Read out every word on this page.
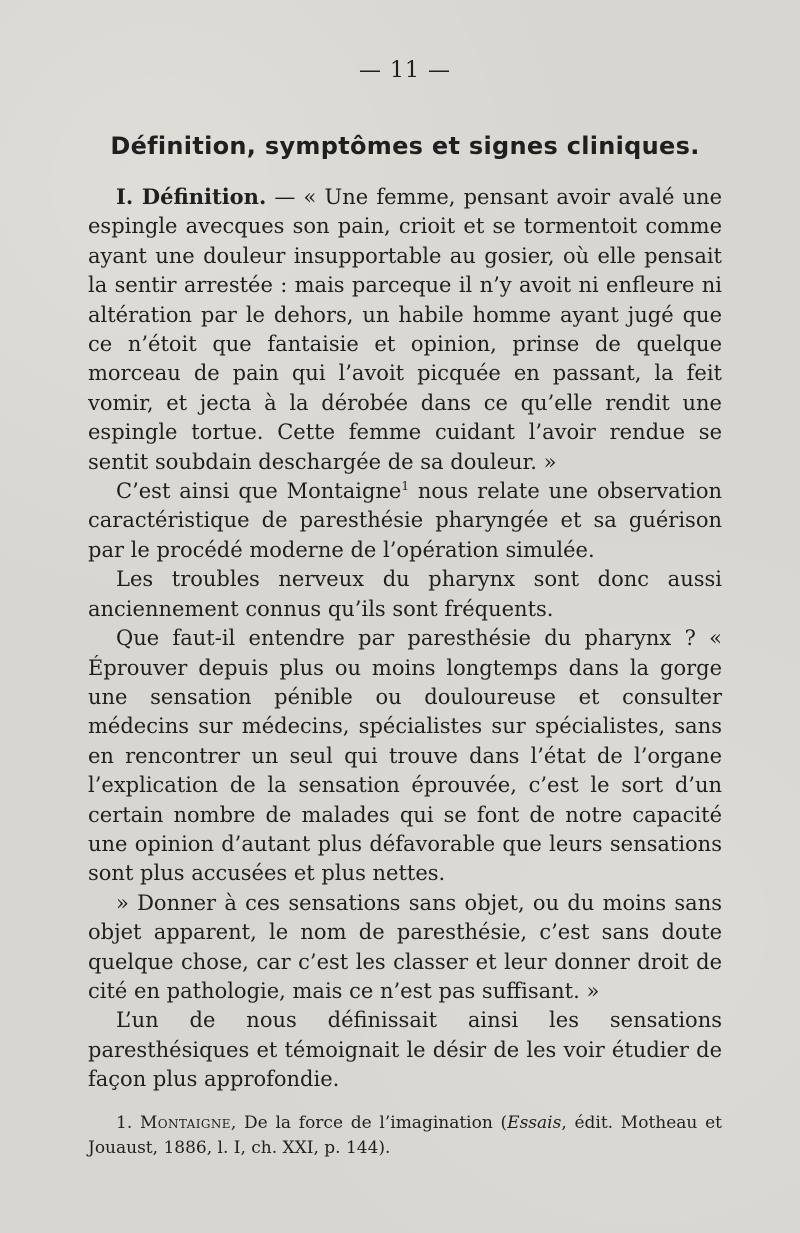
— 11 —
Définition, symptômes et signes cliniques.

I. Définition. — « Une femme, pensant avoir avalé une espingle avecques son pain, crioit et se tormentoit comme ayant une douleur insupportable au gosier, où elle pensait la sentir arrestée : mais parceque il n’y avoit ni enfleure ni altération par le dehors, un habile homme ayant jugé que ce n’étoit que fantaisie et opinion, prinse de quelque morceau de pain qui l’avoit picquée en passant, la feit vomir, et jecta à la dérobée dans ce qu’elle rendit une espingle tortue. Cette femme cuidant l’avoir rendue se sentit soubdain deschargée de sa douleur. »

C’est ainsi que Montaigne$^1$ nous relate une observation caractéristique de paresthésie pharyngée et sa guérison par le procédé moderne de l’opération simulée.

Les troubles nerveux du pharynx sont donc aussi anciennement connus qu’ils sont fréquents.

Que faut-il entendre par paresthésie du pharynx ? « Éprouver depuis plus ou moins longtemps dans la gorge une sensation pénible ou douloureuse et consulter médecins sur médecins, spécialistes sur spécialistes, sans en rencontrer un seul qui trouve dans l’état de l’organe l’explication de la sensation éprouvée, c’est le sort d’un certain nombre de malades qui se font de notre capacité une opinion d’autant plus défavorable que leurs sensations sont plus accusées et plus nettes.

» Donner à ces sensations sans objet, ou du moins sans objet apparent, le nom de paresthésie, c’est sans doute quelque chose, car c’est les classer et leur donner droit de cité en pathologie, mais ce n’est pas suffisant. »

L’un de nous définissait ainsi les sensations paresthésiques et témoignait le désir de les voir étudier de façon plus approfondie.

1. Montaigne, De la force de l’imagination (Essais, édit. Motheau et Jouaust, 1886, l. I, ch. XXI, p. 144).
